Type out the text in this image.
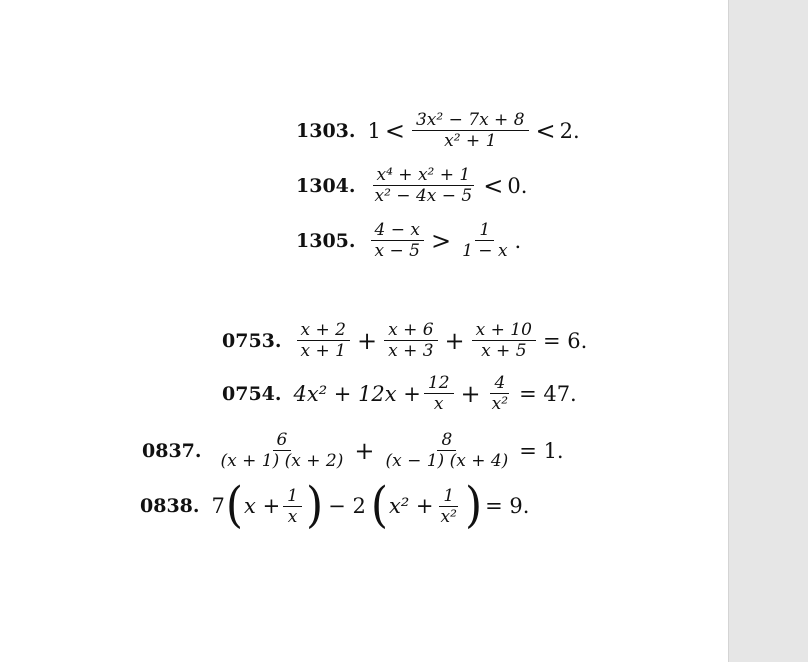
1303. $1 < \frac{\text{3x² − 7x + 8}}{\text{x² + 1}} < 2$.
1304. $\frac{\text{x⁴ + x² + 1}}{\text{x² − 4x − 5}} < 0$.
1305. $\frac{4 - x}{x - 5} > \frac{1}{1 - x}$ .
0753. $\frac{x + 2}{x + 1} + \frac{x + 6}{x + 3} + \frac{x + 10}{x + 5} = 6$.
0754. $4x^2 + 12x + \frac{12}{x} + \frac{4}{\text{x²}} = 47$.
0837. $\frac{6}{(x + 1) (x + 2)} + \frac{8}{(x - 1) (x + 4)} = 1$.
0838. 7 ( $x + \frac{1}{x}$ ) − 2 ( $x^2 + \frac{1}{\text{x²}}$ ) = 9.
